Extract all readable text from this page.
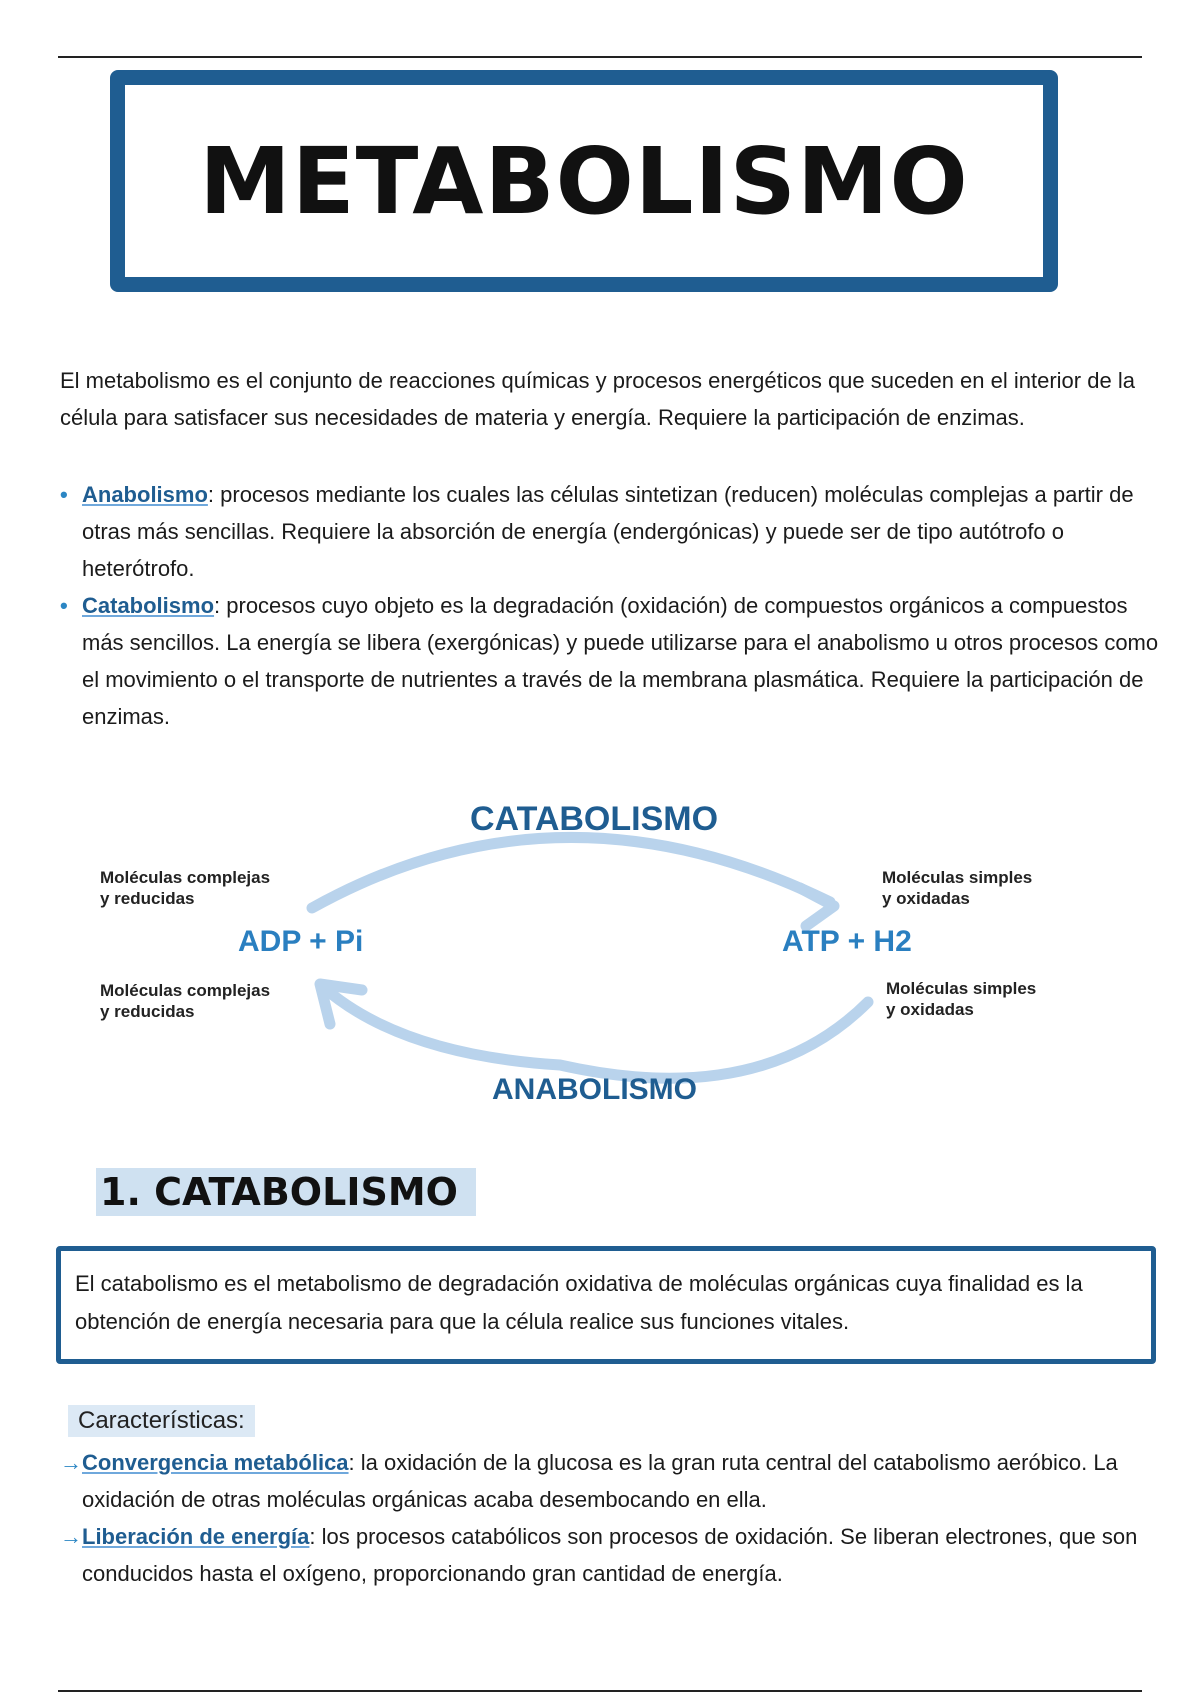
METABOLISMO

El metabolismo es el conjunto de reacciones químicas y procesos energéticos que suceden en el interior de la célula para satisfacer sus necesidades de materia y energía. Requiere la participación de enzimas.

• Anabolismo: procesos mediante los cuales las células sintetizan (reducen) moléculas complejas a partir de otras más sencillas. Requiere la absorción de energía (endergónicas) y puede ser de tipo autótrofo o heterótrofo.
• Catabolismo: procesos cuyo objeto es la degradación (oxidación) de compuestos orgánicos a compuestos más sencillos. La energía se libera (exergónicas) y puede utilizarse para el anabolismo u otros procesos como el movimiento o el transporte de nutrientes a través de la membrana plasmática. Requiere la participación de enzimas.
CATABOLISMO
ANABOLISMO
ADP + Pi	ATP + H2
Moléculas complejas
y reducidas
Moléculas complejas
y reducidas
Moléculas simples
y oxidadas
Moléculas simples
y oxidadas
1. CATABOLISMO
El catabolismo es el metabolismo de degradación oxidativa de moléculas orgánicas cuya finalidad es la obtención de energía necesaria para que la célula realice sus funciones vitales.
Características:
→ Convergencia metabólica: la oxidación de la glucosa es la gran ruta central del catabolismo aeróbico. La oxidación de otras moléculas orgánicas acaba desembocando en ella.
→ Liberación de energía: los procesos catabólicos son procesos de oxidación. Se liberan electrones, que son conducidos hasta el oxígeno, proporcionando gran cantidad de energía.
